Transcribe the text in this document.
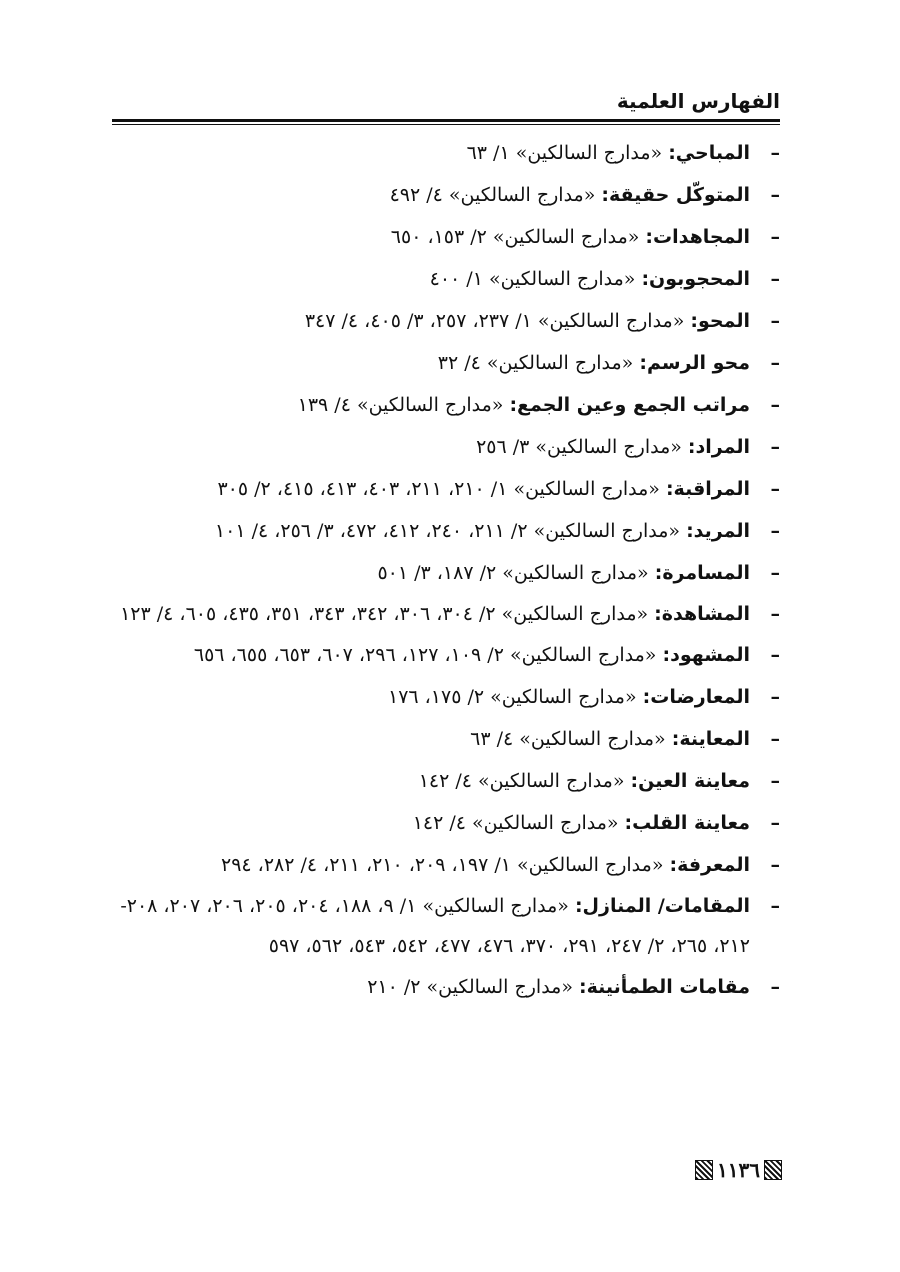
الفهارس العلمية
–
المباحي: «مدارج السالكين» ١/ ٦٣
–
المتوكّل حقيقة: «مدارج السالكين» ٤/ ٤٩٢
–
المجاهدات: «مدارج السالكين» ٢/ ١٥٣، ٦٥٠
–
المحجوبون: «مدارج السالكين» ١/ ٤٠٠
–
المحو: «مدارج السالكين» ١/ ٢٣٧، ٢٥٧، ٣/ ٤٠٥، ٤/ ٣٤٧
–
محو الرسم: «مدارج السالكين» ٤/ ٣٢
–
مراتب الجمع وعين الجمع: «مدارج السالكين» ٤/ ١٣٩
–
المراد: «مدارج السالكين» ٣/ ٢٥٦
–
المراقبة: «مدارج السالكين» ١/ ٢١٠، ٢١١، ٤٠٣، ٤١٣، ٤١٥، ٢/ ٣٠٥
–
المريد: «مدارج السالكين» ٢/ ٢١١، ٢٤٠، ٤١٢، ٤٧٢، ٣/ ٢٥٦، ٤/ ١٠١
–
المسامرة: «مدارج السالكين» ٢/ ١٨٧، ٣/ ٥٠١
–
المشاهدة: «مدارج السالكين» ٢/ ٣٠٤، ٣٠٦، ٣٤٢، ٣٤٣، ٣٥١، ٤٣٥، ٦٠٥، ٤/ ١٢٣
–
المشهود: «مدارج السالكين» ٢/ ١٠٩، ١٢٧، ٢٩٦، ٦٠٧، ٦٥٣، ٦٥٥، ٦٥٦
–
المعارضات: «مدارج السالكين» ٢/ ١٧٥، ١٧٦
–
المعاينة: «مدارج السالكين» ٤/ ٦٣
–
معاينة العين: «مدارج السالكين» ٤/ ١٤٢
–
معاينة القلب: «مدارج السالكين» ٤/ ١٤٢
–
المعرفة: «مدارج السالكين» ١/ ١٩٧، ٢٠٩، ٢١٠، ٢١١، ٤/ ٢٨٢، ٢٩٤
–
المقامات/ المنازل: «مدارج السالكين» ١/ ٩، ١٨٨، ٢٠٤، ٢٠٥، ٢٠٦، ٢٠٧، ٢٠٨- ٢١٢، ٢٦٥، ٢/ ٢٤٧، ٢٩١، ٣٧٠، ٤٧٦، ٤٧٧، ٥٤٢، ٥٤٣، ٥٦٢، ٥٩٧
–
مقامات الطمأنينة: «مدارج السالكين» ٢/ ٢١٠
١١٣٦
